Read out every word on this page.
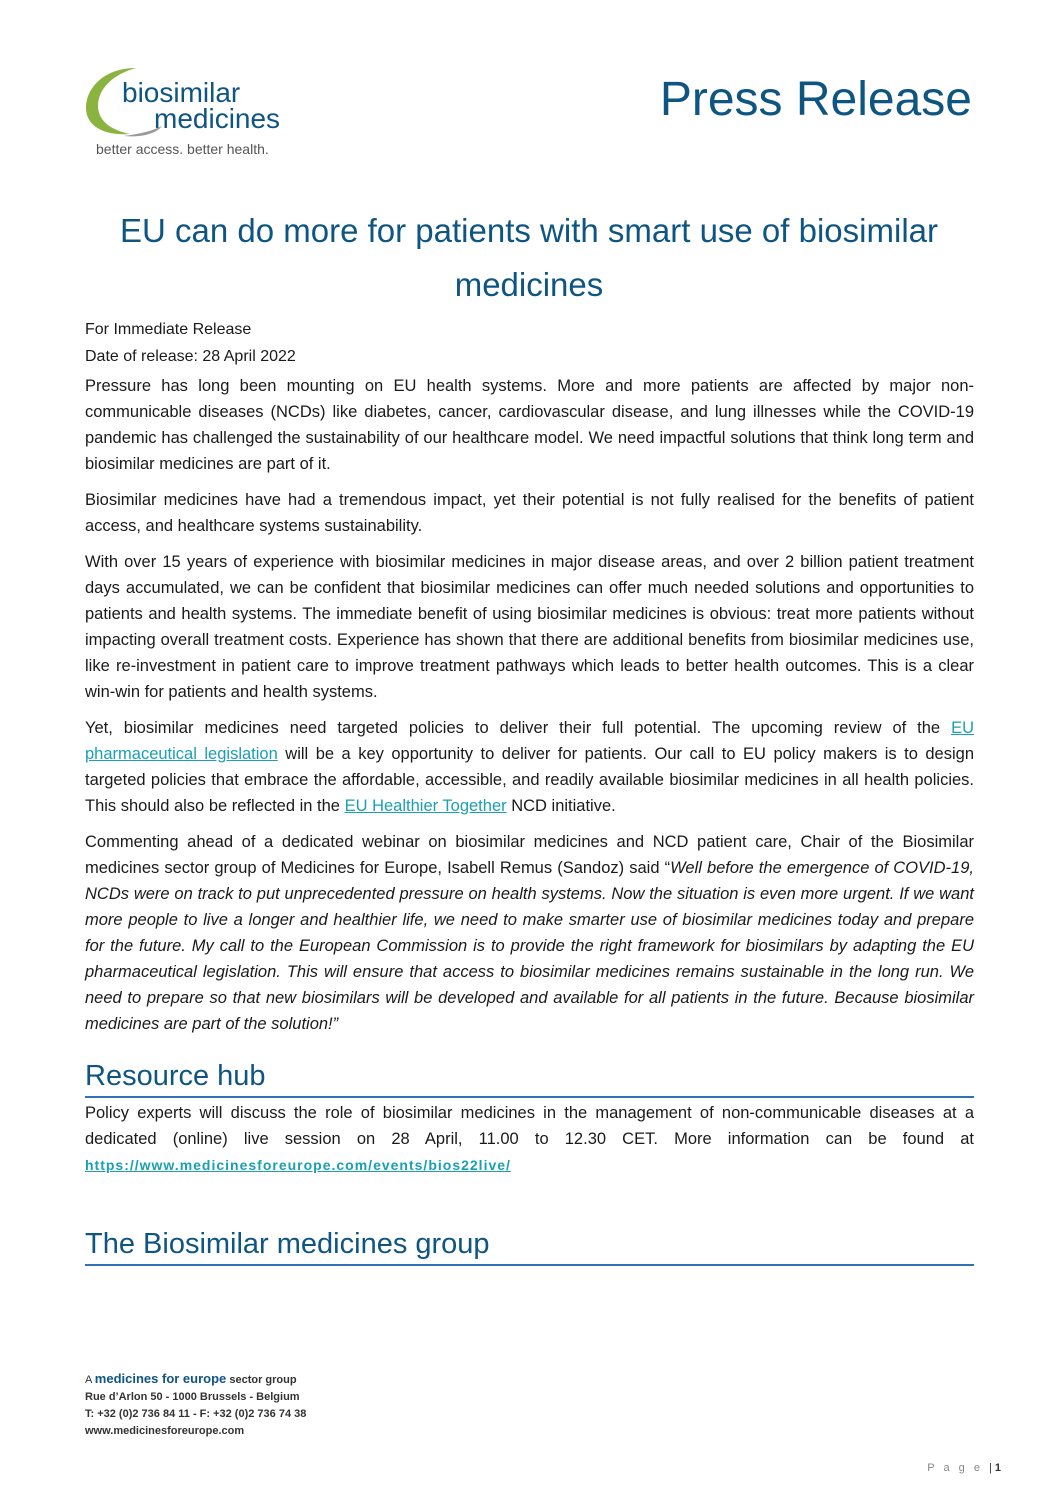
biosimilar
medicines
better access. better health.
Press Release
EU can do more for patients with smart use of biosimilar medicines
For Immediate Release
Date of release: 28 April 2022

Pressure has long been mounting on EU health systems. More and more patients are affected by major non-communicable diseases (NCDs) like diabetes, cancer, cardiovascular disease, and lung illnesses while the COVID-19 pandemic has challenged the sustainability of our healthcare model. We need impactful solutions that think long term and biosimilar medicines are part of it.

Biosimilar medicines have had a tremendous impact, yet their potential is not fully realised for the benefits of patient access, and healthcare systems sustainability.

With over 15 years of experience with biosimilar medicines in major disease areas, and over 2 billion patient treatment days accumulated, we can be confident that biosimilar medicines can offer much needed solutions and opportunities to patients and health systems. The immediate benefit of using biosimilar medicines is obvious: treat more patients without impacting overall treatment costs. Experience has shown that there are additional benefits from biosimilar medicines use, like re-investment in patient care to improve treatment pathways which leads to better health outcomes. This is a clear win-win for patients and health systems.

Yet, biosimilar medicines need targeted policies to deliver their full potential. The upcoming review of the EU pharmaceutical legislation will be a key opportunity to deliver for patients. Our call to EU policy makers is to design targeted policies that embrace the affordable, accessible, and readily available biosimilar medicines in all health policies. This should also be reflected in the EU Healthier Together NCD initiative.

Commenting ahead of a dedicated webinar on biosimilar medicines and NCD patient care, Chair of the Biosimilar medicines sector group of Medicines for Europe, Isabell Remus (Sandoz) said “Well before the emergence of COVID-19, NCDs were on track to put unprecedented pressure on health systems. Now the situation is even more urgent. If we want more people to live a longer and healthier life, we need to make smarter use of biosimilar medicines today and prepare for the future. My call to the European Commission is to provide the right framework for biosimilars by adapting the EU pharmaceutical legislation. This will ensure that access to biosimilar medicines remains sustainable in the long run. We need to prepare so that new biosimilars will be developed and available for all patients in the future. Because biosimilar medicines are part of the solution!”

Resource hub
Policy experts will discuss the role of biosimilar medicines in the management of non-communicable diseases at a dedicated (online) live session on 28 April, 11.00 to 12.30 CET. More information can be found at https://www.medicinesforeurope.com/events/bios22live/
The Biosimilar medicines group
A medicines for europe sector group
Rue d’Arlon 50 - 1000 Brussels - Belgium
T: +32 (0)2 736 84 11 - F: +32 (0)2 736 74 38
www.medicinesforeurope.com
P a g e |1
